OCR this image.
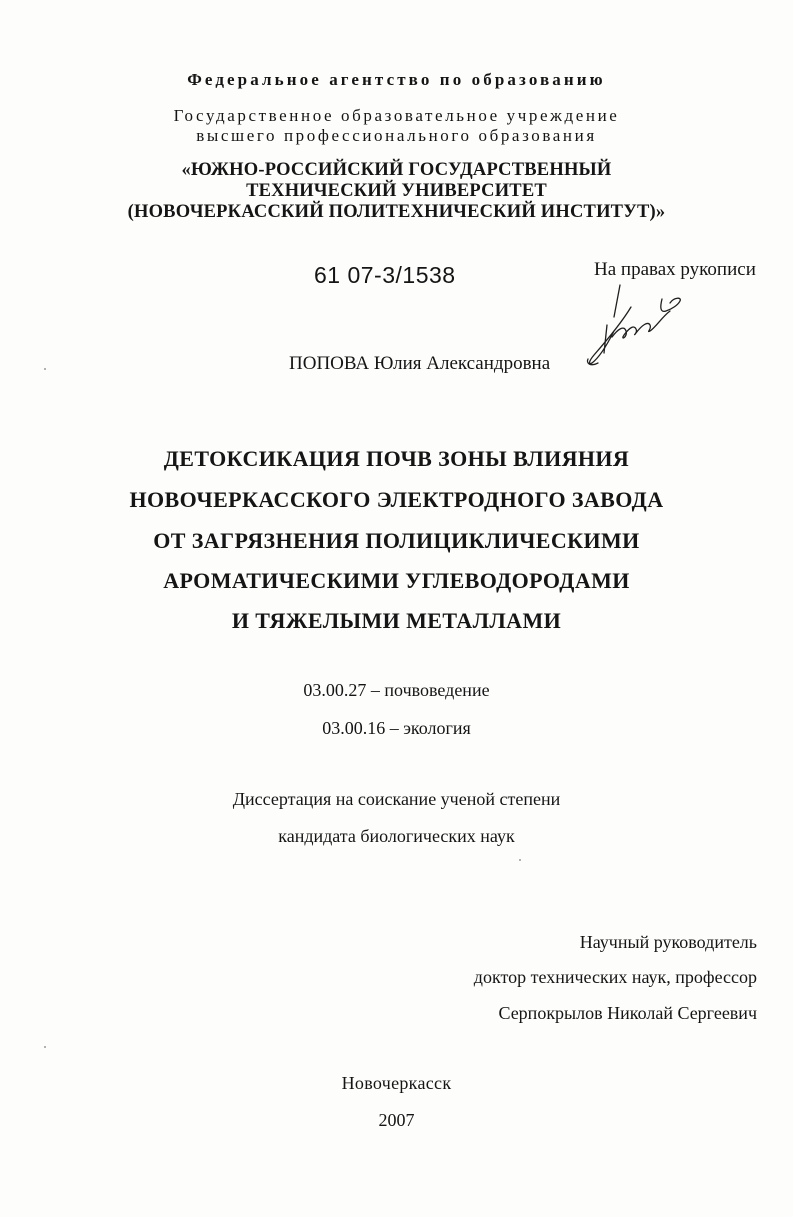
Федеральное агентство по образованию
Государственное образовательное учреждение
высшего профессионального образования
«ЮЖНО-РОССИЙСКИЙ ГОСУДАРСТВЕННЫЙ
ТЕХНИЧЕСКИЙ УНИВЕРСИТЕТ
(НОВОЧЕРКАССКИЙ ПОЛИТЕХНИЧЕСКИЙ ИНСТИТУТ)»
61 07-3/1538	На правах рукописи
ПОПОВА Юлия Александровна
ДЕТОКСИКАЦИЯ ПОЧВ ЗОНЫ ВЛИЯНИЯ
НОВОЧЕРКАССКОГО ЭЛЕКТРОДНОГО ЗАВОДА
ОТ ЗАГРЯЗНЕНИЯ ПОЛИЦИКЛИЧЕСКИМИ
АРОМАТИЧЕСКИМИ УГЛЕВОДОРОДАМИ
И ТЯЖЕЛЫМИ МЕТАЛЛАМИ
03.00.27 – почвоведение
03.00.16 – экология
Диссертация на соискание ученой степени
кандидата биологических наук
Научный руководитель
доктор технических наук, профессор
Серпокрылов Николай Сергеевич
Новочеркасск
2007
